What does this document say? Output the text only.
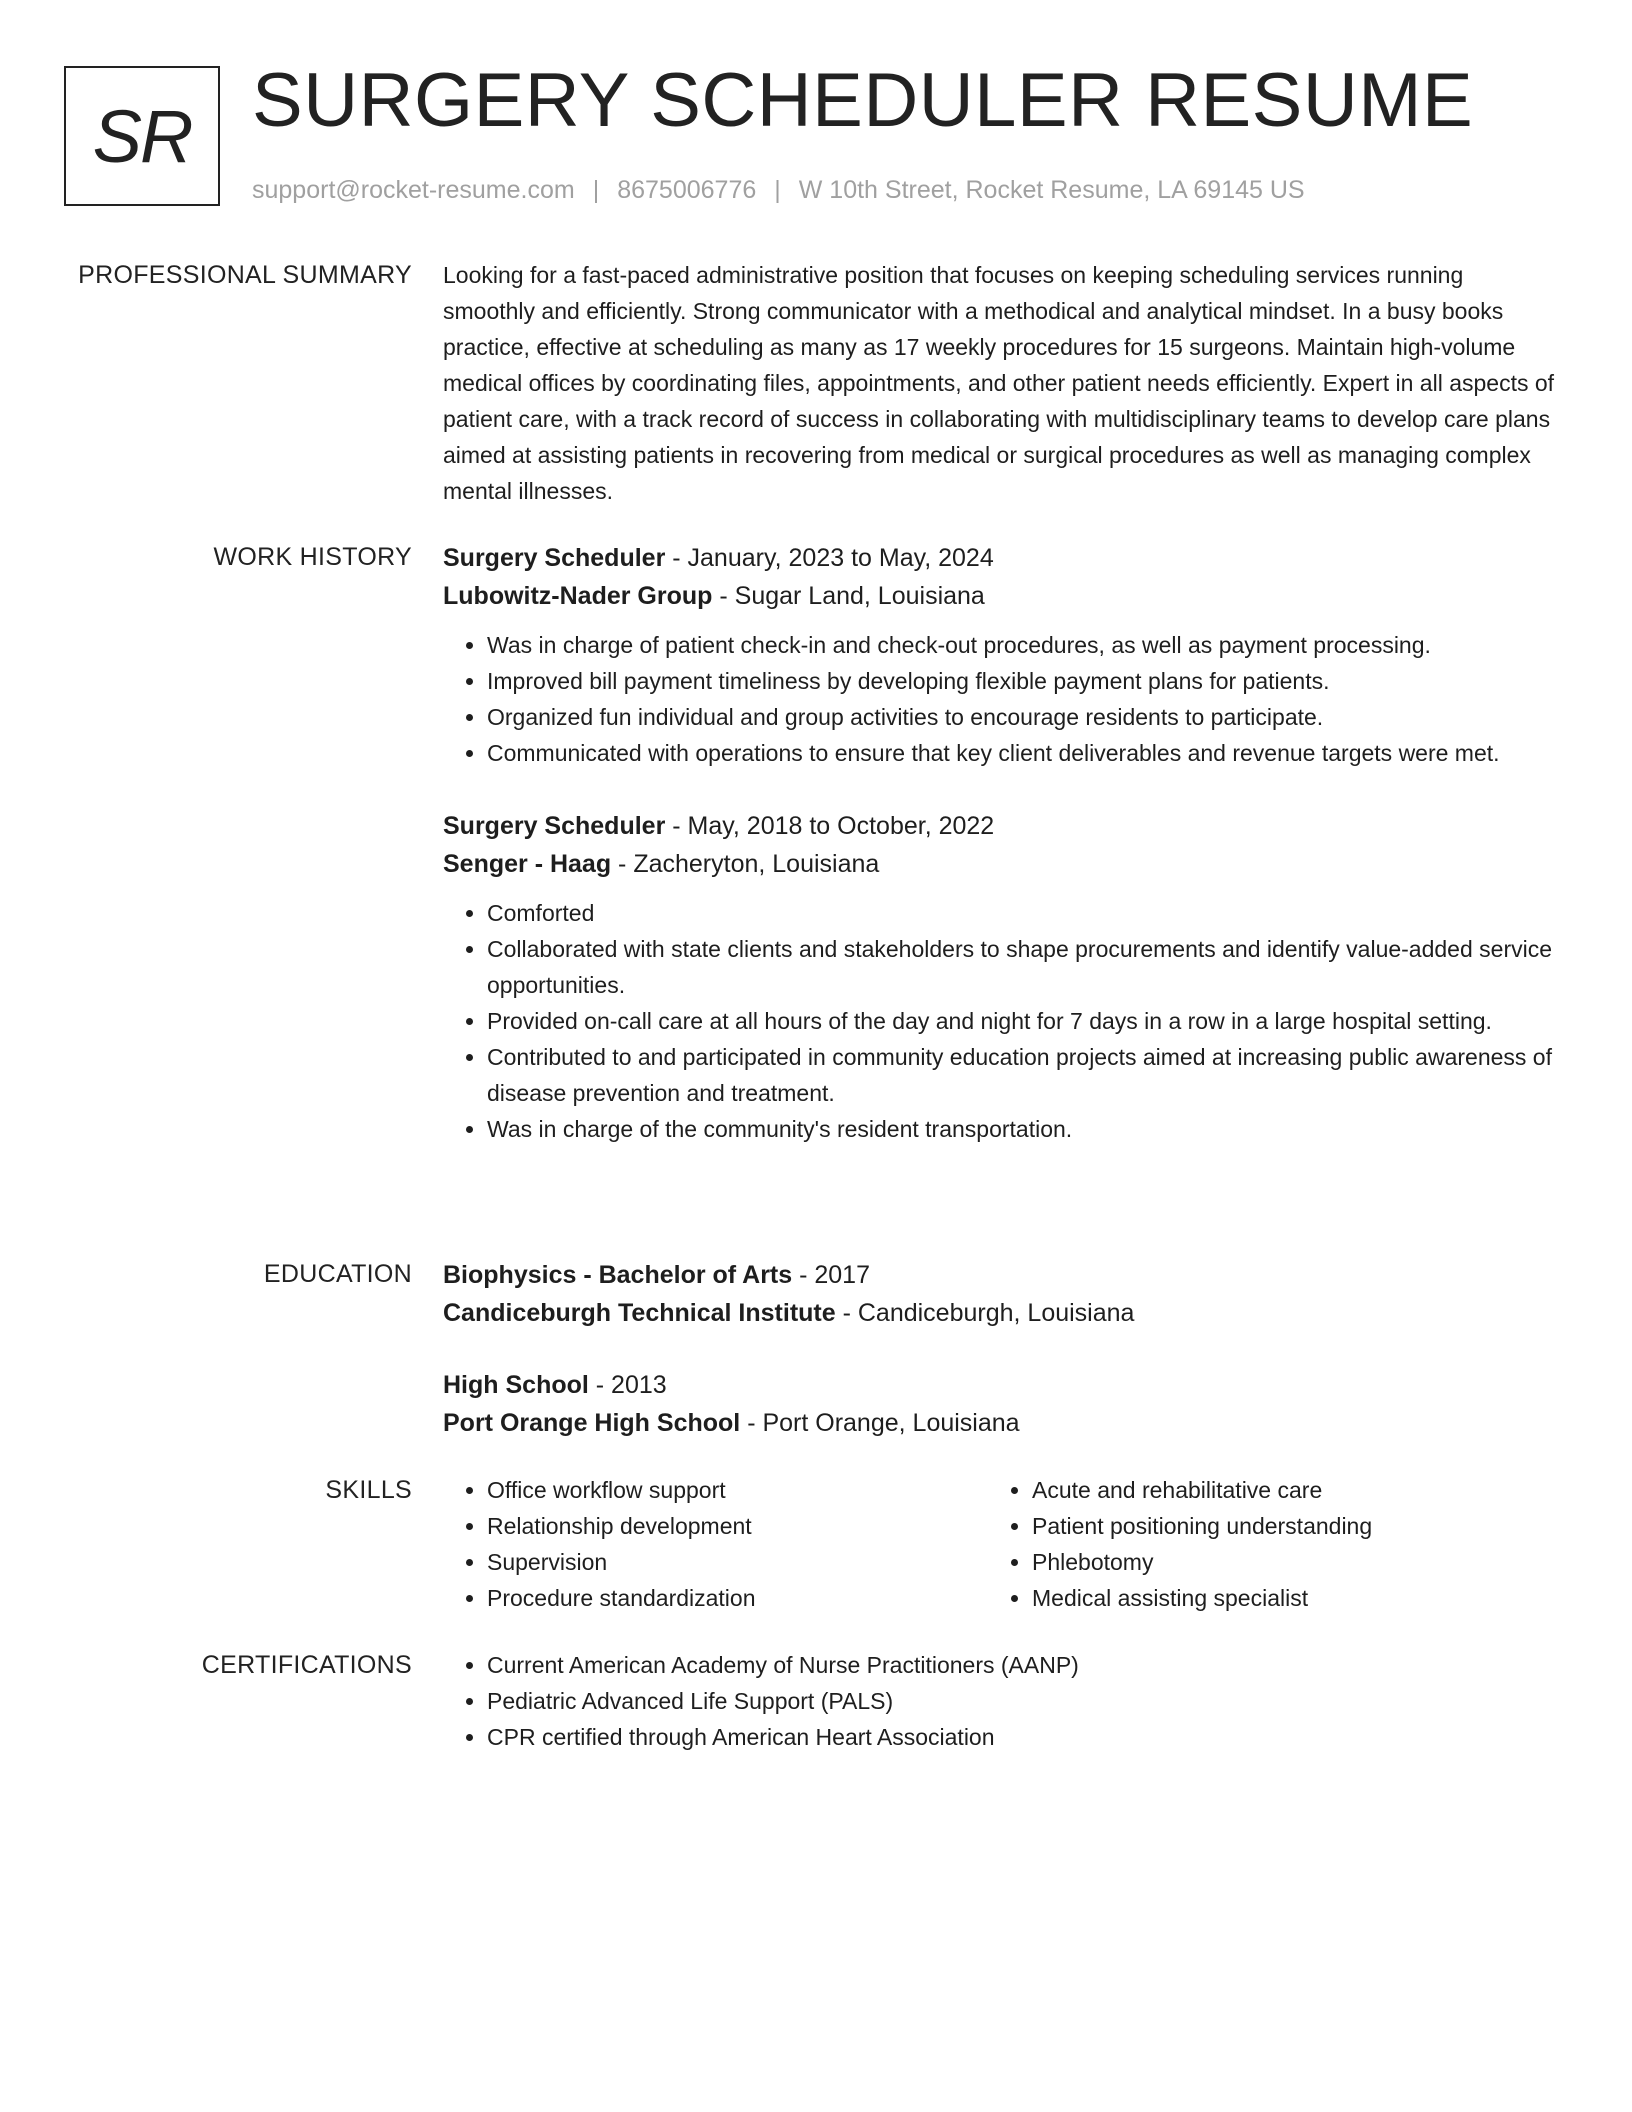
SR SURGERY SCHEDULER RESUME
support@rocket-resume.com | 8675006776 | W 10th Street, Rocket Resume, LA 69145 US
PROFESSIONAL SUMMARY Looking for a fast-paced administrative position that focuses on keeping scheduling services running smoothly and efficiently. Strong communicator with a methodical and analytical mindset. In a busy books practice, effective at scheduling as many as 17 weekly procedures for 15 surgeons. Maintain high-volume medical offices by coordinating files, appointments, and other patient needs efficiently. Expert in all aspects of patient care, with a track record of success in collaborating with multidisciplinary teams to develop care plans aimed at assisting patients in recovering from medical or surgical procedures as well as managing complex mental illnesses.

WORK HISTORY Surgery Scheduler - January, 2023 to May, 2024
Lubowitz-Nader Group - Sugar Land, Louisiana
• Was in charge of patient check-in and check-out procedures, as well as payment processing.
• Improved bill payment timeliness by developing flexible payment plans for patients.
• Organized fun individual and group activities to encourage residents to participate.
• Communicated with operations to ensure that key client deliverables and revenue targets were met.
Surgery Scheduler - May, 2018 to October, 2022
Senger - Haag - Zacheryton, Louisiana
• Comforted
• Collaborated with state clients and stakeholders to shape procurements and identify value-added service opportunities.
• Provided on-call care at all hours of the day and night for 7 days in a row in a large hospital setting.
• Contributed to and participated in community education projects aimed at increasing public awareness of disease prevention and treatment.
• Was in charge of the community's resident transportation.
EDUCATION Biophysics - Bachelor of Arts - 2017
Candiceburgh Technical Institute - Candiceburgh, Louisiana
High School - 2013
Port Orange High School - Port Orange, Louisiana
SKILLS	• Office workflow support
• Relationship development
• Supervision
• Procedure standardization
• Acute and rehabilitative care
• Patient positioning understanding
• Phlebotomy
• Medical assisting specialist
CERTIFICATIONS	• Current American Academy of Nurse Practitioners (AANP)
• Pediatric Advanced Life Support (PALS)
• CPR certified through American Heart Association
